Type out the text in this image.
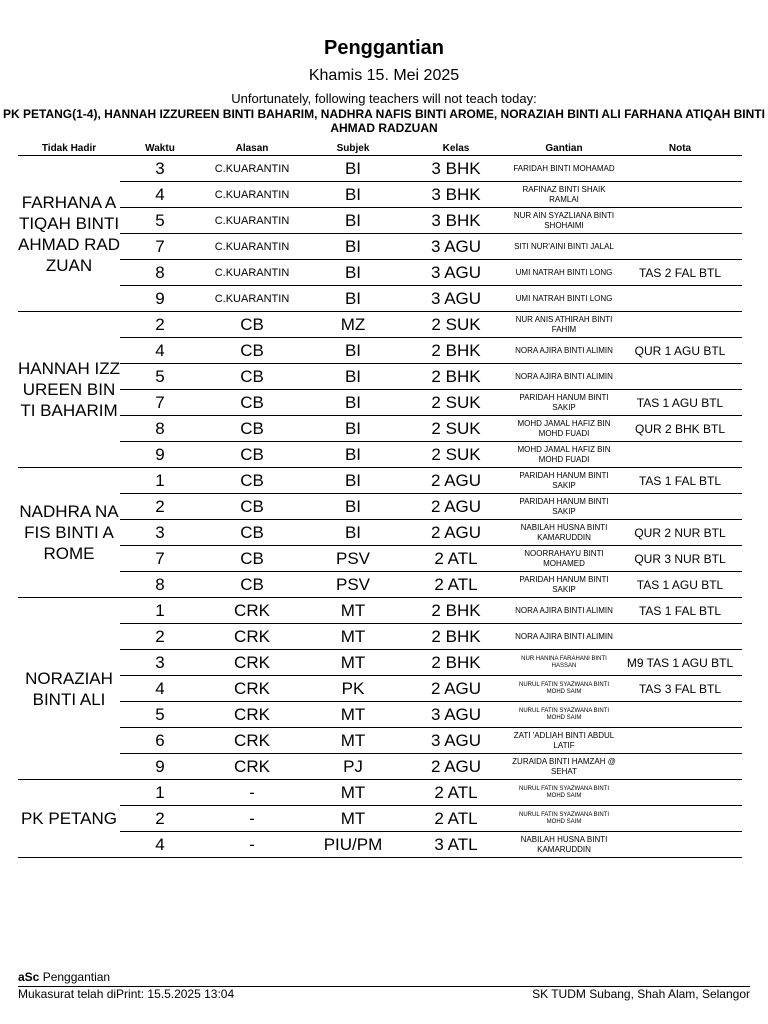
Penggantian
Khamis 15. Mei 2025
Unfortunately, following teachers will not teach today:
PK PETANG(1-4), HANNAH IZZUREEN BINTI BAHARIM, NADHRA NAFIS BINTI AROME, NORAZIAH BINTI ALI FARHANA ATIQAH BINTI AHMAD RADZUAN
Tidak Hadir	Waktu	Alasan	Subjek	Kelas	Gantian	Nota
FARHANA ATIQAH BINTI AHMAD RADZUAN	3	C.KUARANTIN	BI	3 BHK	FARIDAH BINTI MOHAMAD	
	4	C.KUARANTIN	BI	3 BHK	RAFINAZ BINTI SHAIK RAMLAI	
	5	C.KUARANTIN	BI	3 BHK	NUR AIN SYAZLIANA BINTI SHOHAIMI	
	7	C.KUARANTIN	BI	3 AGU	SITI NUR'AINI BINTI JALAL	
	8	C.KUARANTIN	BI	3 AGU	UMI NATRAH BINTI LONG	TAS 2 FAL BTL
	9	C.KUARANTIN	BI	3 AGU	UMI NATRAH BINTI LONG	
HANNAH IZZUREEN BINTI BAHARIM	2	CB	MZ	2 SUK	NUR ANIS ATHIRAH BINTI FAHIM	
	4	CB	BI	2 BHK	NORA AJIRA BINTI ALIMIN	QUR 1 AGU BTL
	5	CB	BI	2 BHK	NORA AJIRA BINTI ALIMIN	
	7	CB	BI	2 SUK	PARIDAH HANUM BINTI SAKIP	TAS 1 AGU BTL
	8	CB	BI	2 SUK	MOHD JAMAL HAFIZ BIN MOHD FUADI	QUR 2 BHK BTL
	9	CB	BI	2 SUK	MOHD JAMAL HAFIZ BIN MOHD FUADI	
NADHRA NAFIS BINTI AROME	1	CB	BI	2 AGU	PARIDAH HANUM BINTI SAKIP	TAS 1 FAL BTL
	2	CB	BI	2 AGU	PARIDAH HANUM BINTI SAKIP	
	3	CB	BI	2 AGU	NABILAH HUSNA BINTI KAMARUDDIN	QUR 2 NUR BTL
	7	CB	PSV	2 ATL	NOORRAHAYU BINTI MOHAMED	QUR 3 NUR BTL
	8	CB	PSV	2 ATL	PARIDAH HANUM BINTI SAKIP	TAS 1 AGU BTL
NORAZIAH BINTI ALI	1	CRK	MT	2 BHK	NORA AJIRA BINTI ALIMIN	TAS 1 FAL BTL
	2	CRK	MT	2 BHK	NORA AJIRA BINTI ALIMIN	
	3	CRK	MT	2 BHK	NUR HANINA FARAHANI BINTI HASSAN	M9 TAS 1 AGU BTL
	4	CRK	PK	2 AGU	NURUL FATIN SYAZWANA BINTI MOHD SAIM	TAS 3 FAL BTL
	5	CRK	MT	3 AGU	NURUL FATIN SYAZWANA BINTI MOHD SAIM	
	6	CRK	MT	3 AGU	ZATI 'ADLIAH BINTI ABDUL LATIF	
	9	CRK	PJ	2 AGU	ZURAIDA BINTI HAMZAH @ SEHAT	
PK PETANG	1	-	MT	2 ATL	NURUL FATIN SYAZWANA BINTI MOHD SAIM	
	2	-	MT	2 ATL	NURUL FATIN SYAZWANA BINTI MOHD SAIM	
	4	-	PIU/PM	3 ATL	NABILAH HUSNA BINTI KAMARUDDIN	
aSc Penggantian
Mukasurat telah diPrint: 15.5.2025 13:04	SK TUDM Subang, Shah Alam, Selangor
